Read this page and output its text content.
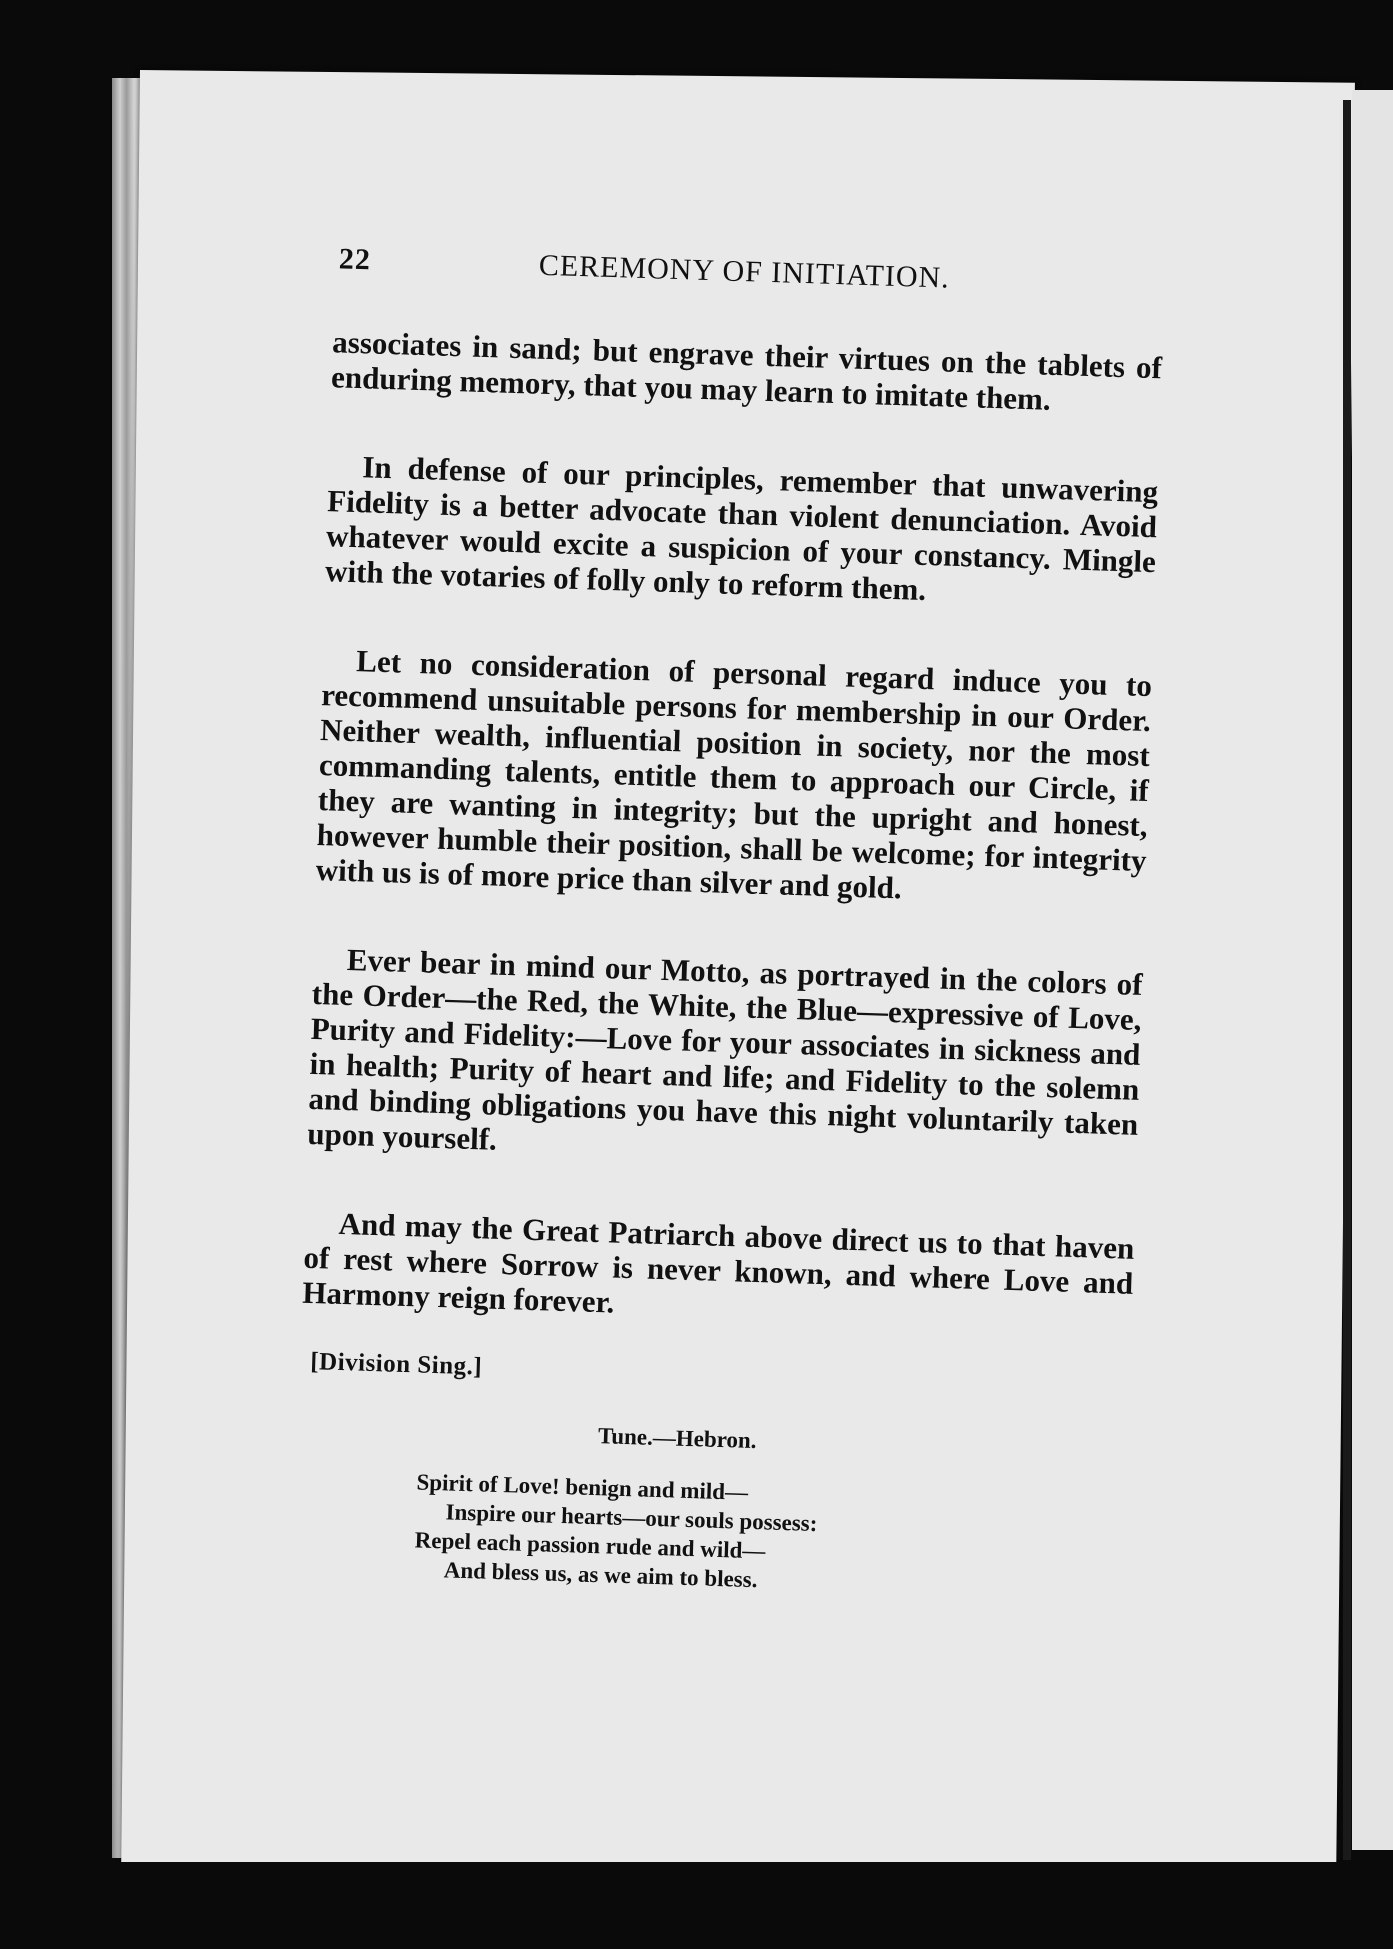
22	CEREMONY OF INITIATION.

associates in sand; but engrave their virtues on the tablets of enduring memory, that you may learn to imitate them.

In defense of our principles, remember that unwavering Fidelity is a better advocate than violent denunciation. Avoid whatever would excite a suspicion of your constancy. Mingle with the votaries of folly only to reform them.

Let no consideration of personal regard induce you to recommend unsuitable persons for membership in our Order. Neither wealth, influential position in society, nor the most commanding talents, entitle them to approach our Circle, if they are wanting in integrity; but the upright and honest, however humble their position, shall be welcome; for integrity with us is of more price than silver and gold.

Ever bear in mind our Motto, as portrayed in the colors of the Order—the Red, the White, the Blue—expressive of Love, Purity and Fidelity:—Love for your associates in sickness and in health; Purity of heart and life; and Fidelity to the solemn and binding obligations you have this night voluntarily taken upon yourself.

And may the Great Patriarch above direct us to that haven of rest where Sorrow is never known, and where Love and Harmony reign forever.

[Division Sing.]
Tune.—Hebron.
Spirit of Love! benign and mild—
Inspire our hearts—our souls possess:
Repel each passion rude and wild—
And bless us, as we aim to bless.
